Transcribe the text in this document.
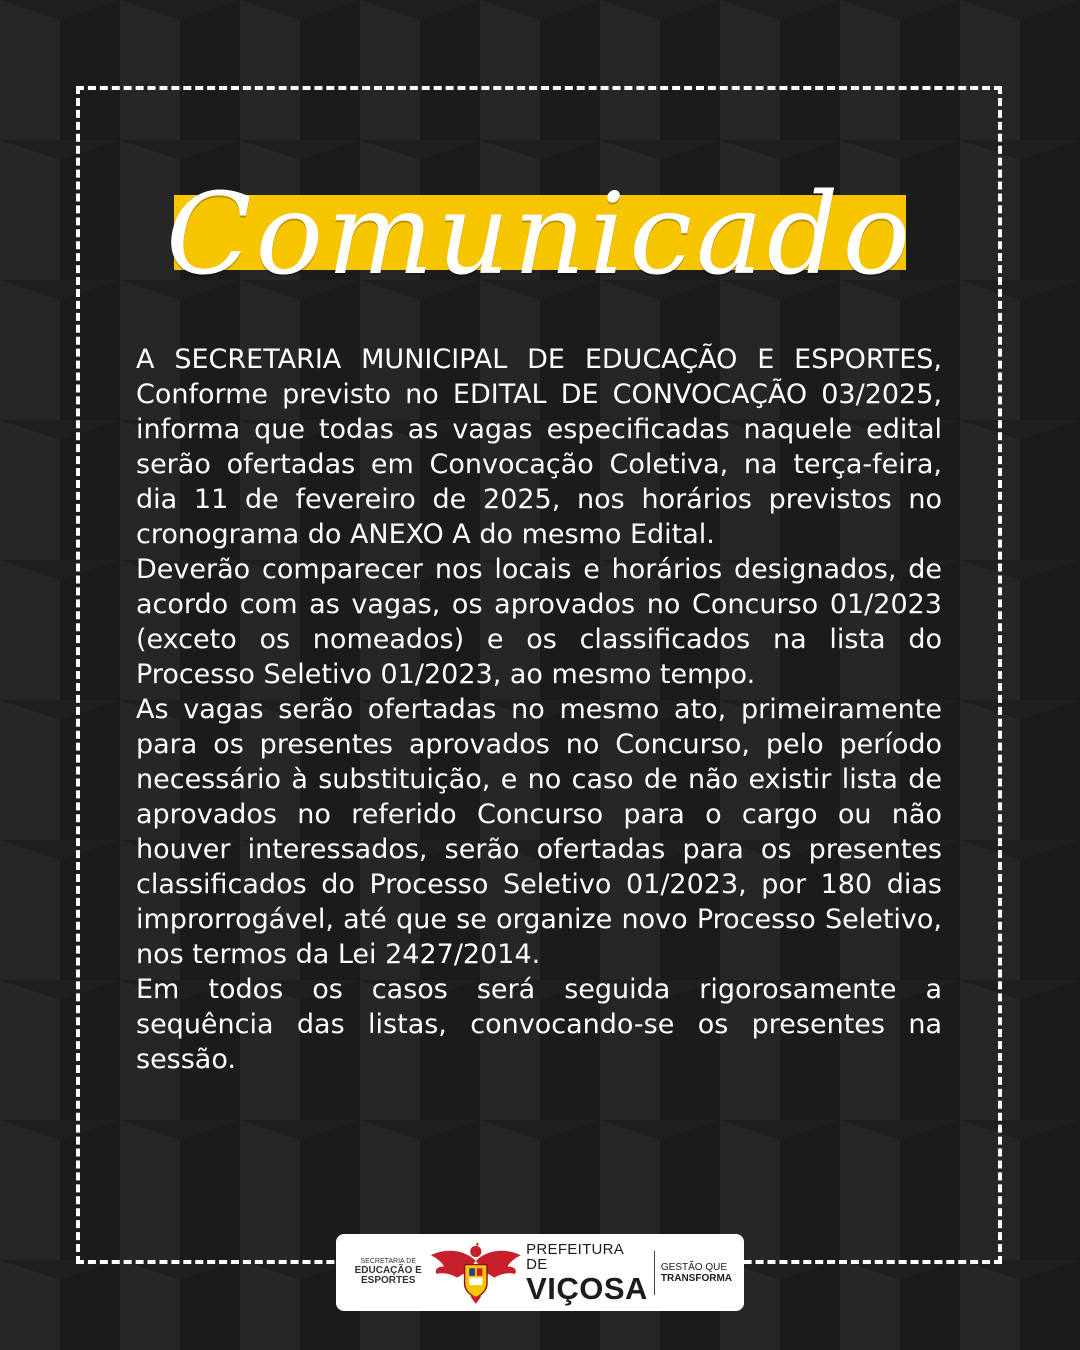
Comunicado

A SECRETARIA MUNICIPAL DE EDUCAÇÃO E ESPORTES, Conforme previsto no EDITAL DE CONVOCAÇÃO 03/2025, informa que todas as vagas especificadas naquele edital serão ofertadas em Convocação Coletiva, na terça-feira, dia 11 de fevereiro de 2025, nos horários previstos no cronograma do ANEXO A do mesmo Edital.

Deverão comparecer nos locais e horários designados, de acordo com as vagas, os aprovados no Concurso 01/2023 (exceto os nomeados) e os classificados na lista do Processo Seletivo 01/2023, ao mesmo tempo.

As vagas serão ofertadas no mesmo ato, primeiramente para os presentes aprovados no Concurso, pelo período necessário à substituição, e no caso de não existir lista de aprovados no referido Concurso para o cargo ou não houver interessados, serão ofertadas para os presentes classificados do Processo Seletivo 01/2023, por 180 dias improrrogável, até que se organize novo Processo Seletivo, nos termos da Lei 2427/2014.

Em todos os casos será seguida rigorosamente a sequência das listas, convocando-se os presentes na sessão.

SECRETARIA DE
EDUCAÇÃO E ESPORTES
PREFEITURA DE
VIÇOSA
GESTÃO QUE
TRANSFORMA
